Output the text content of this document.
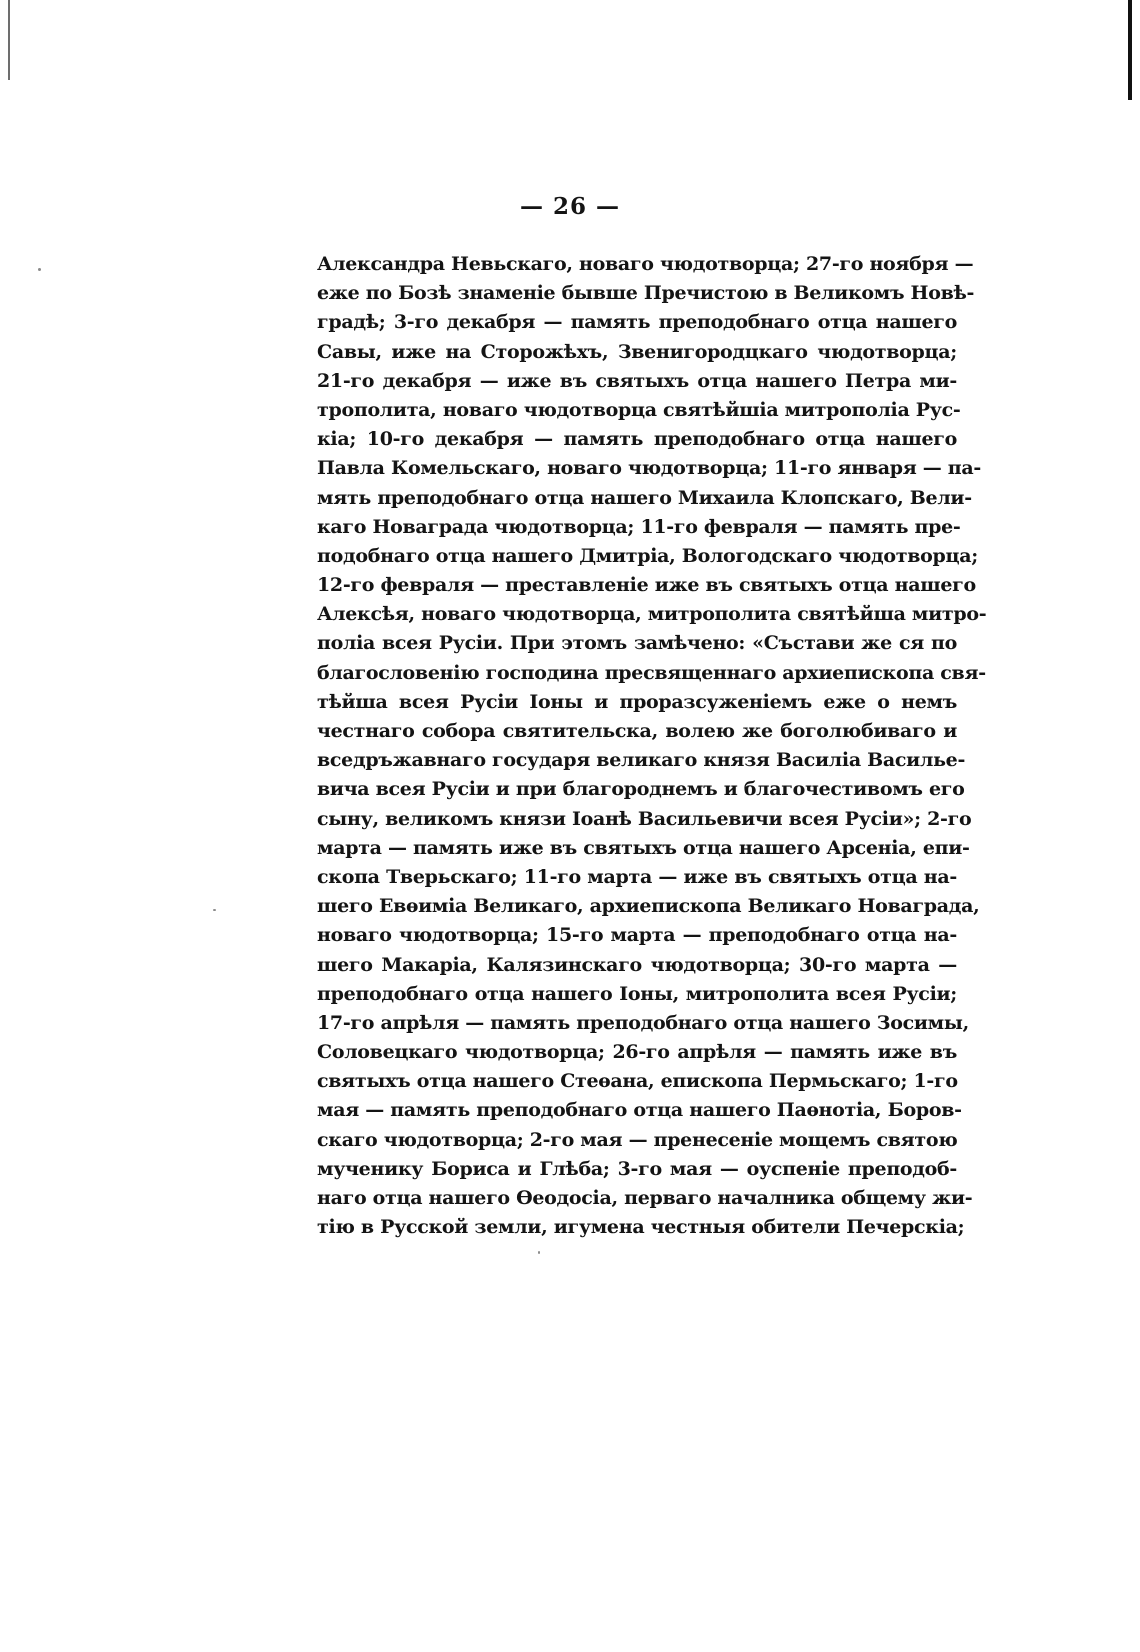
— 26 —
Александра Невьскаго, новаго чюдотворца; 27-го ноября —
еже по Бозѣ знаменіе бывше Пречистою в Великомъ Новѣ-
градѣ; 3-го декабря — память преподобнаго отца нашего
Савы, иже на Сторожѣхъ, Звенигородцкаго чюдотворца;
21-го декабря — иже въ святыхъ отца нашего Петра ми-
трополита, новаго чюдотворца святѣйшіа митрополіа Рус-
кіа; 10-го декабря — память преподобнаго отца нашего
Павла Комельскаго, новаго чюдотворца; 11-го января — па-
мять преподобнаго отца нашего Михаила Клопскаго, Вели-
каго Новаграда чюдотворца; 11-го февраля — память пре-
подобнаго отца нашего Дмитріа, Вологодскаго чюдотворца;
12-го февраля — преставленіе иже въ святыхъ отца нашего
Алексѣя, новаго чюдотворца, митрополита святѣйша митро-
поліа всея Русіи. При этомъ замѣчено: «Състави же ся по
благословенію господина пресвященнаго архиепископа свя-
тѣйша всея Русіи Іоны и проразсуженіемъ еже о немъ
честнаго собора святительска, волею же боголюбиваго и
вседръжавнаго государя великаго князя Василіа Василье-
вича всея Русіи и при благороднемъ и благочестивомъ его
сыну, великомъ князи Іоанѣ Васильевичи всея Русіи»; 2-го
марта — память иже въ святыхъ отца нашего Арсеніа, епи-
скопа Тверьскаго; 11-го марта — иже въ святыхъ отца на-
шего Евѳиміа Великаго, архиепископа Великаго Новаграда,
новаго чюдотворца; 15-го марта — преподобнаго отца на-
шего Макаріа, Калязинскаго чюдотворца; 30-го марта —
преподобнаго отца нашего Іоны, митрополита всея Русіи;
17-го апрѣля — память преподобнаго отца нашего Зосимы,
Соловецкаго чюдотворца; 26-го апрѣля — память иже въ
святыхъ отца нашего Стеѳана, епископа Пермьскаго; 1-го
мая — память преподобнаго отца нашего Паѳнотіа, Боров-
скаго чюдотворца; 2-го мая — пренесеніе мощемъ святою
мученику Бориса и Глѣба; 3-го мая — оуспеніе преподоб-
наго отца нашего Ѳеодосіа, перваго началника общему жи-
тію в Русской земли, игумена честныя обители Печерскіа;
